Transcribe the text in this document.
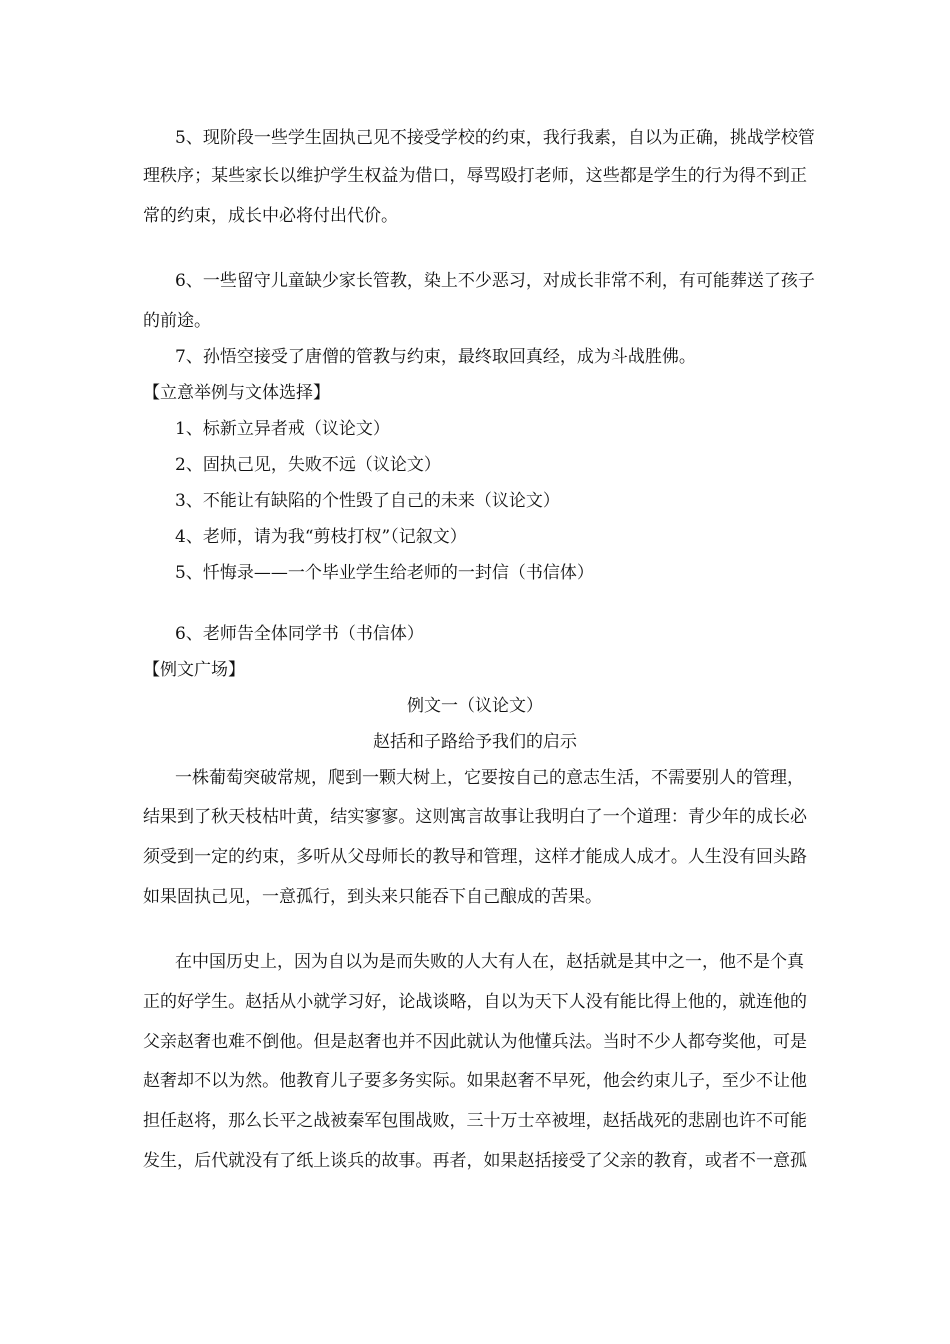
5、现阶段一些学生固执己见不接受学校的约束，我行我素，自以为正确，挑战学校管
理秩序；某些家长以维护学生权益为借口，辱骂殴打老师，这些都是学生的行为得不到正
常的约束，成长中必将付出代价。
6、一些留守儿童缺少家长管教，染上不少恶习，对成长非常不利，有可能葬送了孩子
的前途。
7、孙悟空接受了唐僧的管教与约束，最终取回真经，成为斗战胜佛。
【立意举例与文体选择】
1、标新立异者戒（议论文）
2、固执己见，失败不远（议论文）
3、不能让有缺陷的个性毁了自己的未来（议论文）
4、老师，请为我“剪枝打杈”（记叙文）
5、忏悔录——一个毕业学生给老师的一封信（书信体）
6、老师告全体同学书（书信体）
【例文广场】
例文一（议论文）
赵括和子路给予我们的启示
一株葡萄突破常规，爬到一颗大树上，它要按自己的意志生活，不需要别人的管理，
结果到了秋天枝枯叶黄，结实寥寥。这则寓言故事让我明白了一个道理：青少年的成长必
须受到一定的约束，多听从父母师长的教导和管理，这样才能成人成才。人生没有回头路
如果固执己见，一意孤行，到头来只能吞下自己酿成的苦果。
在中国历史上，因为自以为是而失败的人大有人在，赵括就是其中之一，他不是个真
正的好学生。赵括从小就学习好，论战谈略，自以为天下人没有能比得上他的，就连他的
父亲赵奢也难不倒他。但是赵奢也并不因此就认为他懂兵法。当时不少人都夸奖他，可是
赵奢却不以为然。他教育儿子要多务实际。如果赵奢不早死，他会约束儿子，至少不让他
担任赵将，那么长平之战被秦军包围战败，三十万士卒被埋，赵括战死的悲剧也许不可能
发生，后代就没有了纸上谈兵的故事。再者，如果赵括接受了父亲的教育，或者不一意孤
